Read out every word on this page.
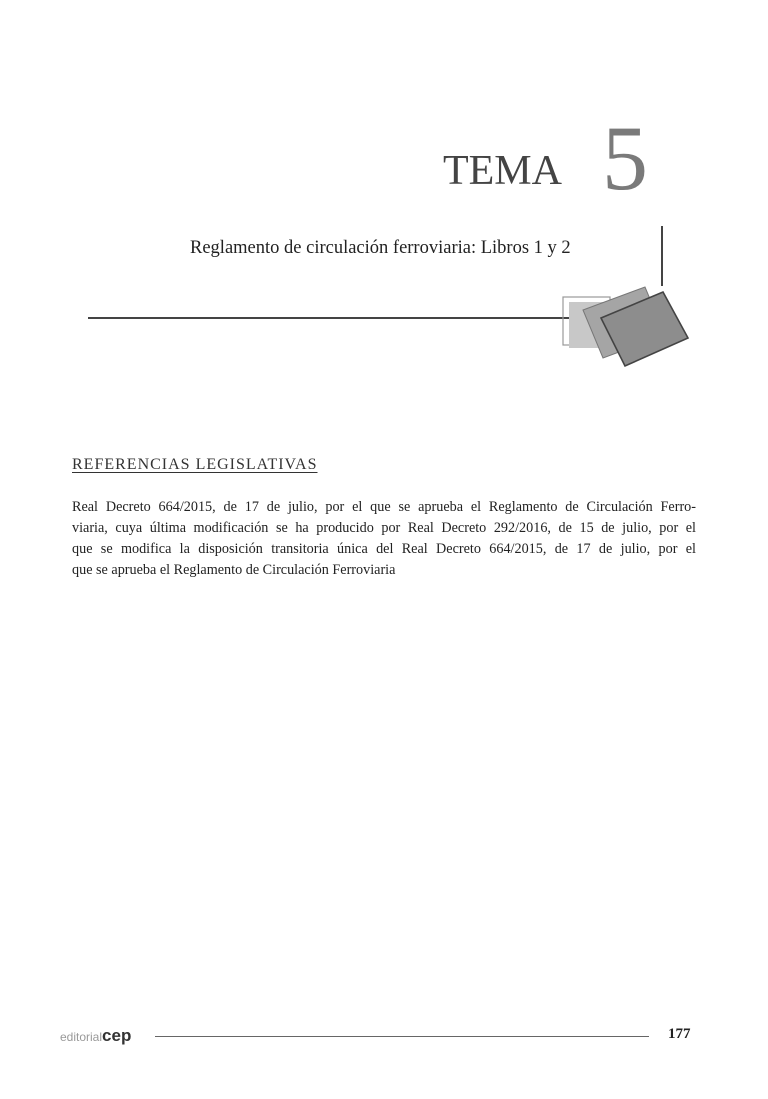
TEMA 5
Reglamento de circulación ferroviaria: Libros 1 y 2
REFERENCIAS LEGISLATIVAS
Real Decreto 664/2015, de 17 de julio, por el que se aprueba el Reglamento de Circulación Ferro-
viaria, cuya última modificación se ha producido por Real Decreto 292/2016, de 15 de julio, por el
que se modifica la disposición transitoria única del Real Decreto 664/2015, de 17 de julio, por el
que se aprueba el Reglamento de Circulación Ferroviaria
editorialcep	177
